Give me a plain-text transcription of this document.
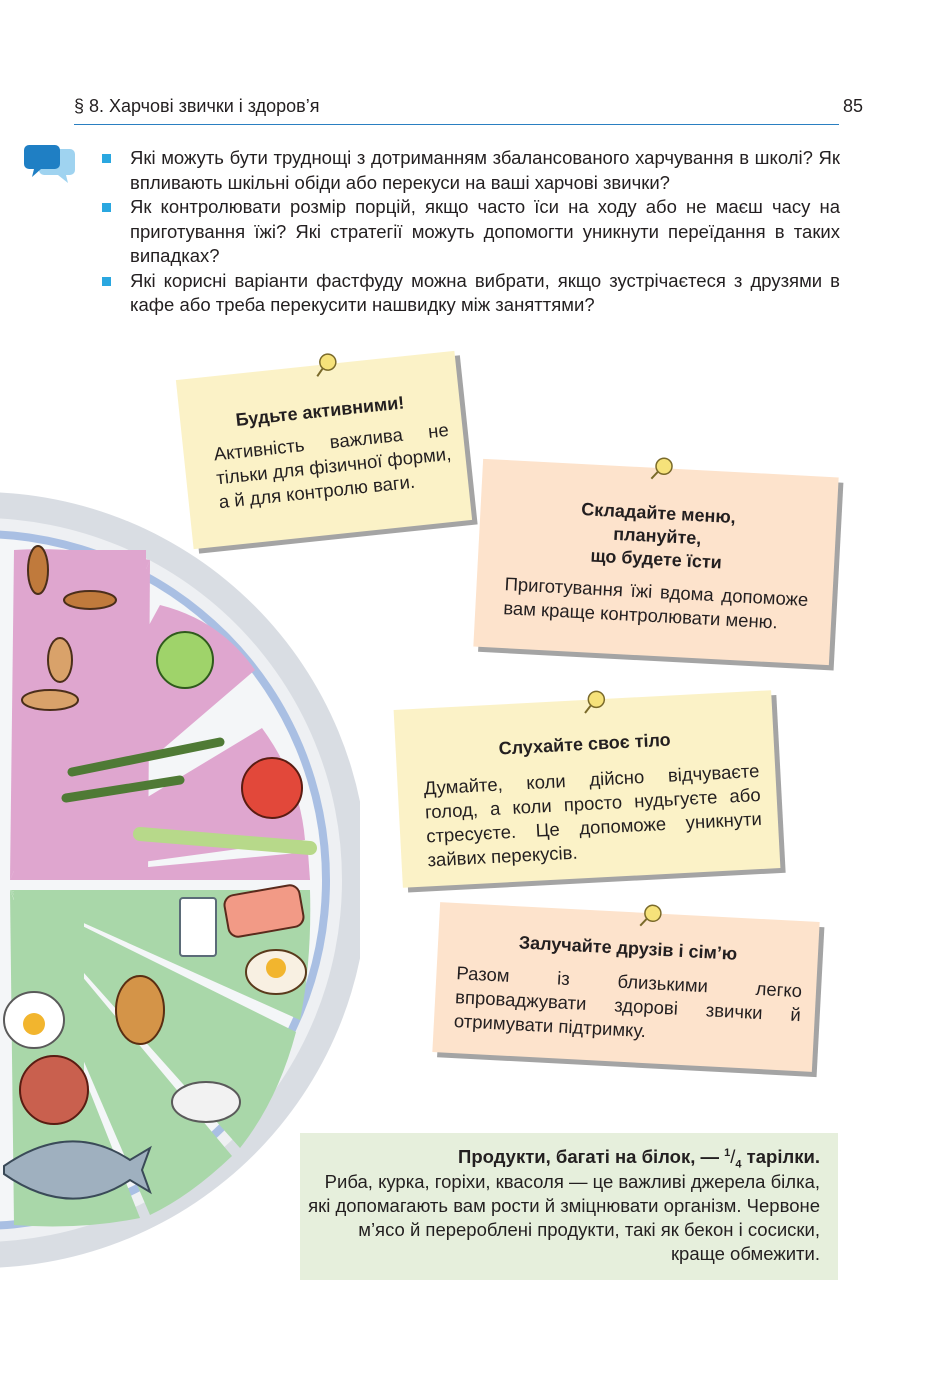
§ 8. Харчові звички і здоров’я	85
Які можуть бути труднощі з дотриманням збалансованого харчування в школі? Як впливають шкільні обіди або перекуси на ваші харчові звички?
Як контролювати розмір порцій, якщо часто їси на ходу або не маєш часу на приготування їжі? Які стратегії можуть допомогти уникнути переїдання в таких випадках?
Які корисні варіанти фастфуду можна вибрати, якщо зустрічаєтеся з друзями в кафе або треба перекусити нашвидку між заняттями?
Будьте активними!
Активність важлива не тільки для фізичної форми, а й для контролю ваги.
Складайте меню,
плануйте,
що будете їсти
Приготування їжі вдома допоможе вам краще контролювати меню.
Слухайте своє тіло
Думайте, коли дійсно відчуваєте голод, а коли просто нудьгуєте або стресуєте. Це допоможе уникнути зайвих перекусів.
Залучайте друзів і сім’ю
Разом із близькими легко впроваджувати здорові звички й отримувати підтримку.
Продукти, багаті на білок, — $^1/_4$ тарілки.
Риба, курка, горіхи, квасоля — це важливі джерела білка, які допомагають вам рости й зміцнювати організм. Червоне м’ясо й перероблені продукти, такі як бекон і сосиски, краще обмежити.
